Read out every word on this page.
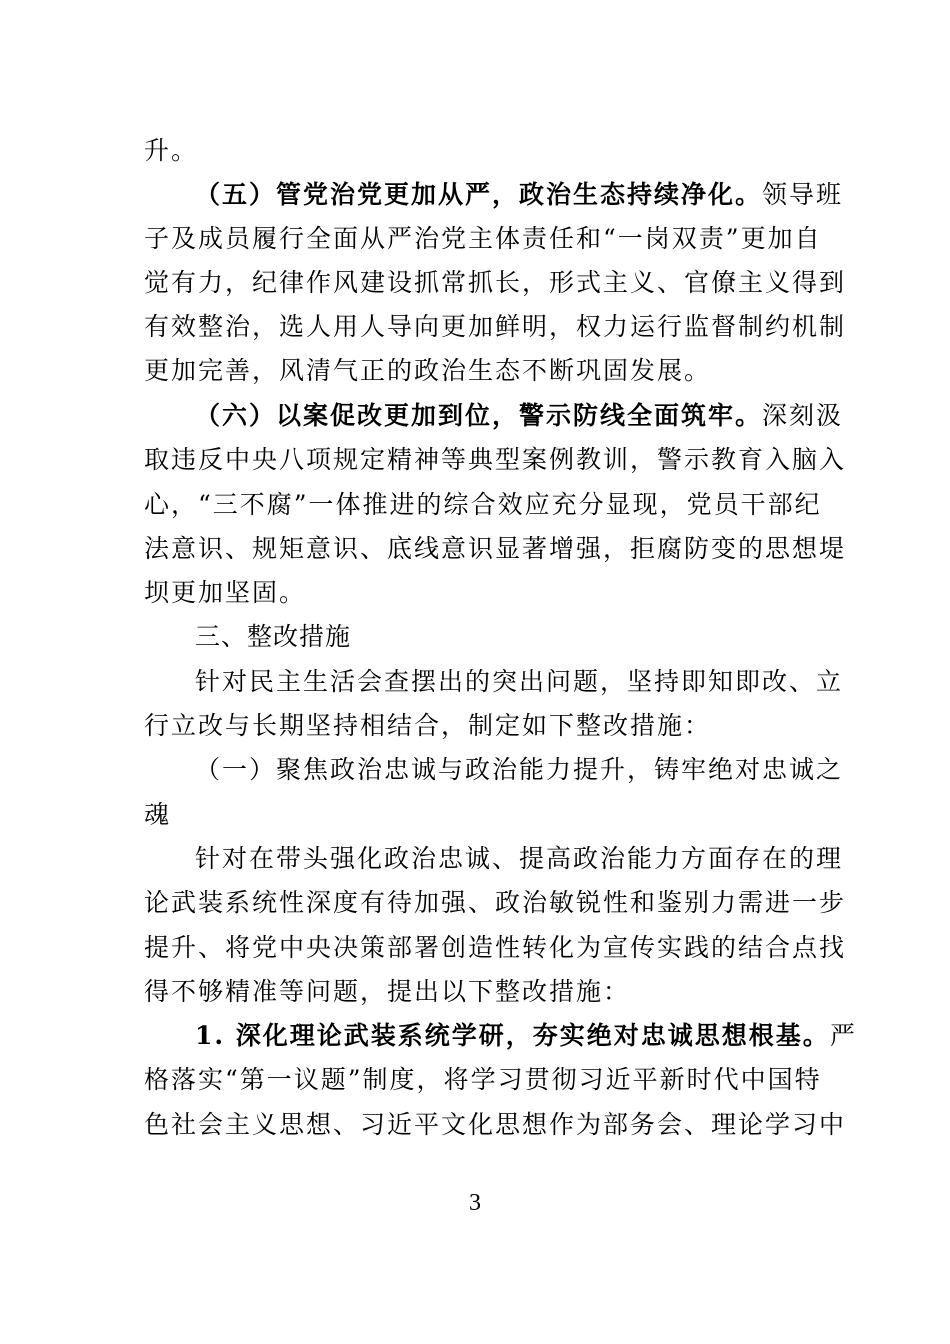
升。
（五）管党治党更加从严，政治生态持续净化。领导班
子及成员履行全面从严治党主体责任和“一岗双责”更加自
觉有力，纪律作风建设抓常抓长，形式主义、官僚主义得到
有效整治，选人用人导向更加鲜明，权力运行监督制约机制
更加完善，风清气正的政治生态不断巩固发展。
（六）以案促改更加到位，警示防线全面筑牢。深刻汲
取违反中央八项规定精神等典型案例教训，警示教育入脑入
心，“三不腐”一体推进的综合效应充分显现，党员干部纪
法意识、规矩意识、底线意识显著增强，拒腐防变的思想堤
坝更加坚固。
三、整改措施
针对民主生活会查摆出的突出问题，坚持即知即改、立
行立改与长期坚持相结合，制定如下整改措施：
（一）聚焦政治忠诚与政治能力提升，铸牢绝对忠诚之
魂
针对在带头强化政治忠诚、提高政治能力方面存在的理
论武装系统性深度有待加强、政治敏锐性和鉴别力需进一步
提升、将党中央决策部署创造性转化为宣传实践的结合点找
得不够精准等问题，提出以下整改措施：
1. 深化理论武装系统学研，夯实绝对忠诚思想根基。严
格落实“第一议题”制度，将学习贯彻习近平新时代中国特
色社会主义思想、习近平文化思想作为部务会、理论学习中
3
